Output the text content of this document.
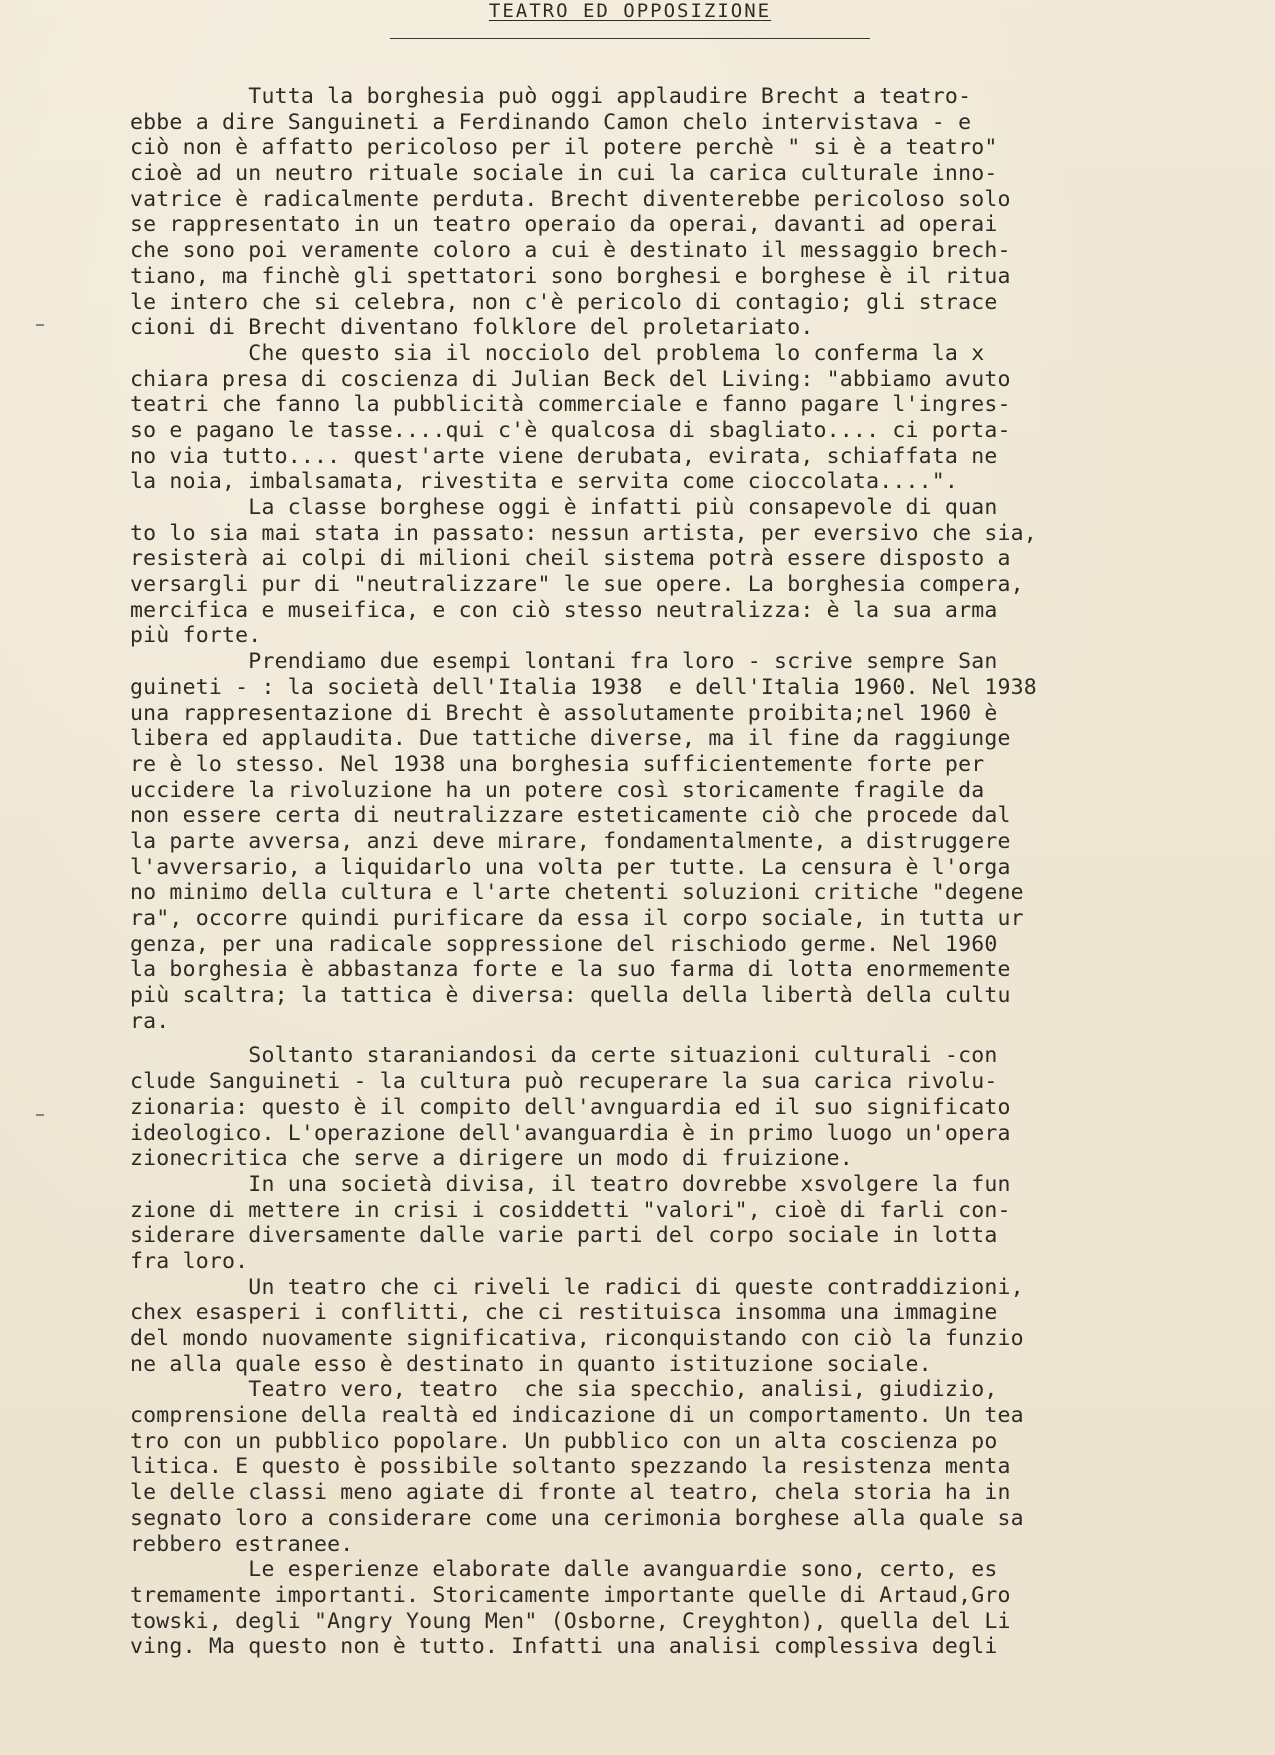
TEATRO ED OPPOSIZIONE
Tutta la borghesia può oggi applaudire Brecht a teatro-
ebbe a dire Sanguineti a Ferdinando Camon chelo intervistava - e
ciò non è affatto pericoloso per il potere perchè " si è a teatro"
cioè ad un neutro rituale sociale in cui la carica culturale inno-
vatrice è radicalmente perduta. Brecht diventerebbe pericoloso solo
se rappresentato in un teatro operaio da operai, davanti ad operai
che sono poi veramente coloro a cui è destinato il messaggio brech-
tiano, ma finchè gli spettatori sono borghesi e borghese è il ritua
le intero che si celebra, non c'è pericolo di contagio; gli strace
cioni di Brecht diventano folklore del proletariato.
Che questo sia il nocciolo del problema lo conferma la x
chiara presa di coscienza di Julian Beck del Living: "abbiamo avuto
teatri che fanno la pubblicità commerciale e fanno pagare l'ingres-
so e pagano le tasse....qui c'è qualcosa di sbagliato.... ci porta-
no via tutto.... quest'arte viene derubata, evirata, schiaffata ne
la noia, imbalsamata, rivestita e servita come cioccolata....".
La classe borghese oggi è infatti più consapevole di quan
to lo sia mai stata in passato: nessun artista, per eversivo che sia,
resisterà ai colpi di milioni cheil sistema potrà essere disposto a
versargli pur di "neutralizzare" le sue opere. La borghesia compera,
mercifica e museifica, e con ciò stesso neutralizza: è la sua arma
più forte.
Prendiamo due esempi lontani fra loro - scrive sempre San
guineti - : la società dell'Italia 1938  e dell'Italia 1960. Nel 1938
una rappresentazione di Brecht è assolutamente proibita;nel 1960 è
libera ed applaudita. Due tattiche diverse, ma il fine da raggiunge
re è lo stesso. Nel 1938 una borghesia sufficientemente forte per
uccidere la rivoluzione ha un potere così storicamente fragile da
non essere certa di neutralizzare esteticamente ciò che procede dal
la parte avversa, anzi deve mirare, fondamentalmente, a distruggere
l'avversario, a liquidarlo una volta per tutte. La censura è l'orga
no minimo della cultura e l'arte chetenti soluzioni critiche "degene
ra", occorre quindi purificare da essa il corpo sociale, in tutta ur
genza, per una radicale soppressione del rischiodo germe. Nel 1960
la borghesia è abbastanza forte e la suo farma di lotta enormemente
più scaltra; la tattica è diversa: quella della libertà della cultu
ra.
Soltanto staraniandosi da certe situazioni culturali -con
clude Sanguineti - la cultura può recuperare la sua carica rivolu-
zionaria: questo è il compito dell'avnguardia ed il suo significato
ideologico. L'operazione dell'avanguardia è in primo luogo un'opera
zionecritica che serve a dirigere un modo di fruizione.
In una società divisa, il teatro dovrebbe xsvolgere la fun
zione di mettere in crisi i cosiddetti "valori", cioè di farli con-
siderare diversamente dalle varie parti del corpo sociale in lotta
fra loro.
Un teatro che ci riveli le radici di queste contraddizioni,
chex esasperi i conflitti, che ci restituisca insomma una immagine
del mondo nuovamente significativa, riconquistando con ciò la funzio
ne alla quale esso è destinato in quanto istituzione sociale.
Teatro vero, teatro  che sia specchio, analisi, giudizio,
comprensione della realtà ed indicazione di un comportamento. Un tea
tro con un pubblico popolare. Un pubblico con un alta coscienza po
litica. E questo è possibile soltanto spezzando la resistenza menta
le delle classi meno agiate di fronte al teatro, chela storia ha in
segnato loro a considerare come una cerimonia borghese alla quale sa
rebbero estranee.
Le esperienze elaborate dalle avanguardie sono, certo, es
tremamente importanti. Storicamente importante quelle di Artaud,Gro
towski, degli "Angry Young Men" (Osborne, Creyghton), quella del Li
ving. Ma questo non è tutto. Infatti una analisi complessiva degli
